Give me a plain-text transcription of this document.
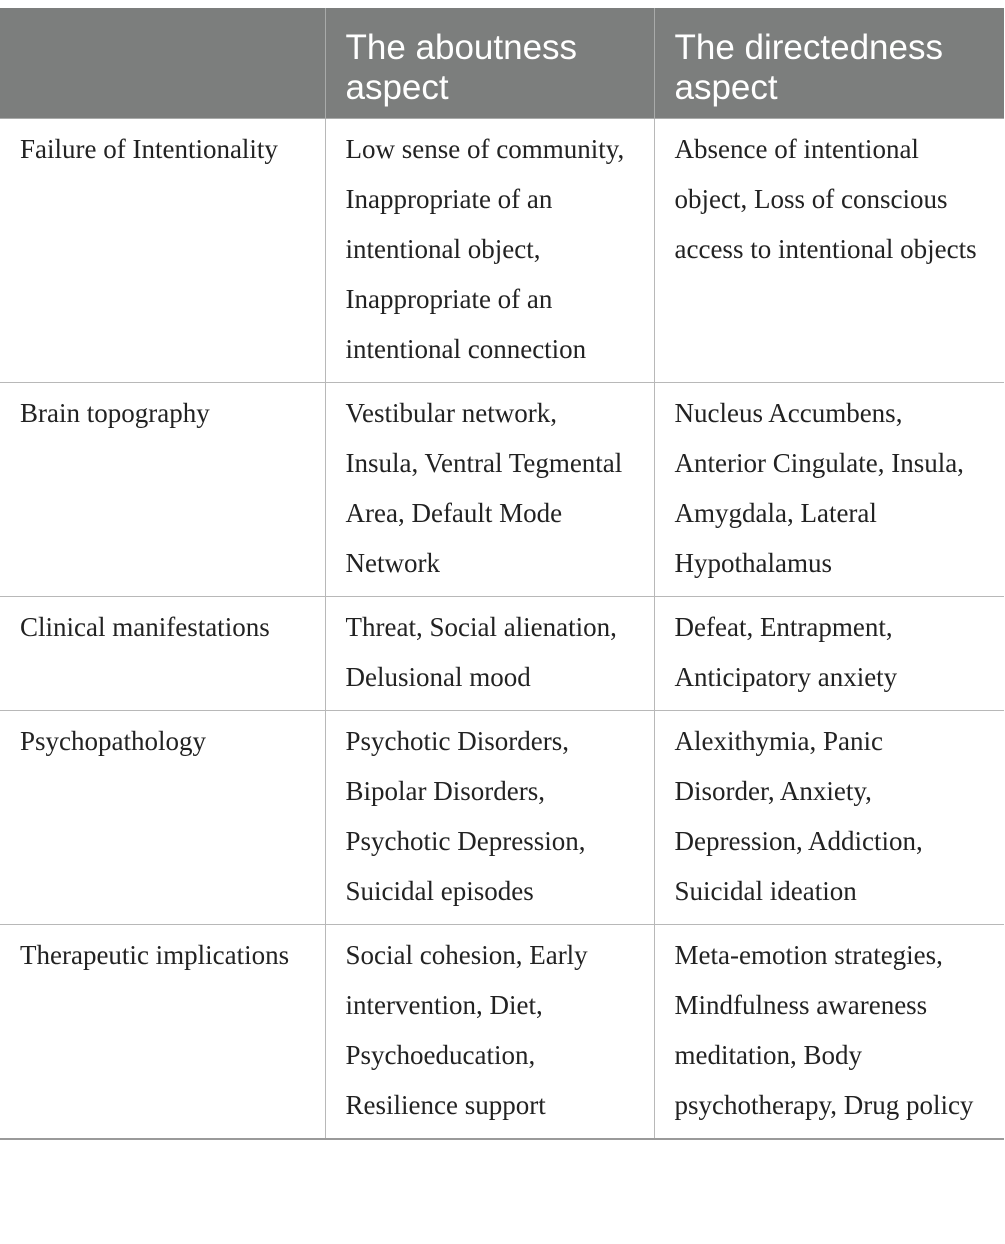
	The aboutness aspect	The directedness aspect
Failure of Intentionality	Low sense of community, Inappropriate of an intentional object, Inappropriate of an intentional connection	Absence of intentional object, Loss of conscious access to intentional objects
Brain topography	Vestibular network, Insula, Ventral Tegmental Area, Default Mode Network	Nucleus Accumbens, Anterior Cingulate, Insula, Amygdala, Lateral Hypothalamus
Clinical manifestations	Threat, Social alienation, Delusional mood	Defeat, Entrapment, Anticipatory anxiety
Psychopathology	Psychotic Disorders, Bipolar Disorders, Psychotic Depression, Suicidal episodes	Alexithymia, Panic Disorder, Anxiety, Depression, Addiction, Suicidal ideation
Therapeutic implications	Social cohesion, Early intervention, Diet, Psychoeducation, Resilience support	Meta-emotion strategies, Mindfulness awareness meditation, Body psychotherapy, Drug policy
